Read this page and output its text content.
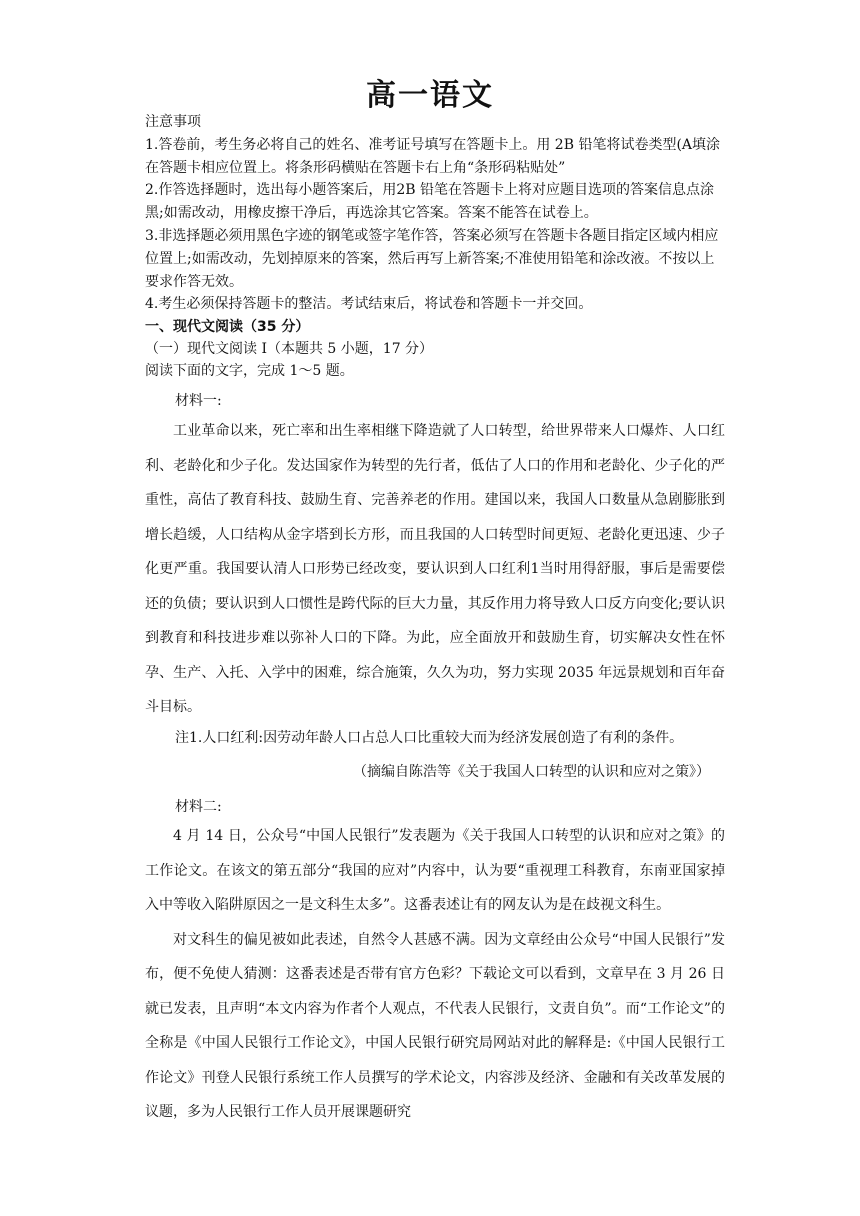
高一语文

注意事项

1.答卷前，考生务必将自己的姓名、准考证号填写在答题卡上。用 2B 铅笔将试卷类型(A填涂在答题卡相应位置上。将条形码横贴在答题卡右上角“条形码粘贴处”

2.作答选择题时，选出每小题答案后，用2B 铅笔在答题卡上将对应题目选项的答案信息点涂黑;如需改动，用橡皮擦干净后，再选涂其它答案。答案不能答在试卷上。

3.非选择题必须用黑色字迹的钢笔或签字笔作答，答案必须写在答题卡各题目指定区域内相应位置上;如需改动，先划掉原来的答案，然后再写上新答案;不准使用铅笔和涂改液。不按以上要求作答无效。

4.考生必须保持答题卡的整洁。考试结束后，将试卷和答题卡一并交回。

一、现代文阅读（35 分）
（一）现代文阅读 I（本题共 5 小题，17 分）
阅读下面的文字，完成 1～5 题。
材料一:

工业革命以来，死亡率和出生率相继下降造就了人口转型，给世界带来人口爆炸、人口红利、老龄化和少子化。发达国家作为转型的先行者，低估了人口的作用和老龄化、少子化的严重性，高估了教育科技、鼓励生育、完善养老的作用。建国以来，我国人口数量从急剧膨胀到增长趋缓，人口结构从金字塔到长方形，而且我国的人口转型时间更短、老龄化更迅速、少子化更严重。我国要认清人口形势已经改变，要认识到人口红利1当时用得舒服，事后是需要偿还的负债；要认识到人口惯性是跨代际的巨大力量，其反作用力将导致人口反方向变化;要认识到教育和科技进步难以弥补人口的下降。为此，应全面放开和鼓励生育，切实解决女性在怀孕、生产、入托、入学中的困难，综合施策，久久为功，努力实现 2035 年远景规划和百年奋斗目标。

注1.人口红利:因劳动年龄人口占总人口比重较大而为经济发展创造了有利的条件。
（摘编自陈浩等《关于我国人口转型的认识和应对之策》）
材料二:

4 月 14 日，公众号“中国人民银行”发表题为《关于我国人口转型的认识和应对之策》的工作论文。在该文的第五部分“我国的应对”内容中，认为要“重视理工科教育，东南亚国家掉入中等收入陷阱原因之一是文科生太多”。这番表述让有的网友认为是在歧视文科生。

对文科生的偏见被如此表述，自然令人甚感不满。因为文章经由公众号“中国人民银行”发布，便不免使人猜测：这番表述是否带有官方色彩？下载论文可以看到，文章早在 3 月 26 日就已发表，且声明“本文内容为作者个人观点，不代表人民银行，文责自负”。而“工作论文”的全称是《中国人民银行工作论文》，中国人民银行研究局网站对此的解释是:《中国人民银行工作论文》刊登人民银行系统工作人员撰写的学术论文，内容涉及经济、金融和有关改革发展的议题，多为人民银行工作人员开展课题研究
